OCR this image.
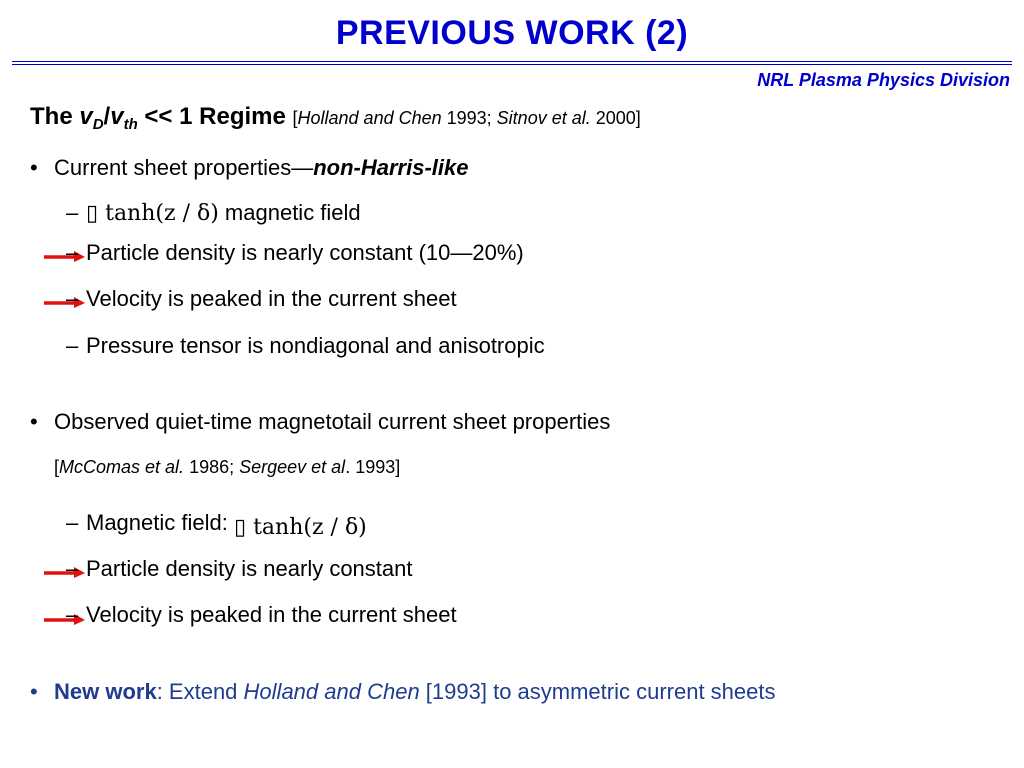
PREVIOUS WORK (2)
NRL Plasma Physics Division
The $v_D/v_{th} << 1$ Regime [Holland and Chen 1993; Sitnov et al. 2000]
• Current sheet properties—non-Harris-like
– ▯ tanh(z / δ) magnetic field
– Particle density is nearly constant (10—20%)
– Velocity is peaked in the current sheet
– Pressure tensor is nondiagonal and anisotropic
• Observed quiet-time magnetotail current sheet properties
[McComas et al. 1986; Sergeev et al. 1993]
– Magnetic field: ▯ tanh(z / δ)
– Particle density is nearly constant
– Velocity is peaked in the current sheet
• New work: Extend Holland and Chen [1993] to asymmetric current sheets
